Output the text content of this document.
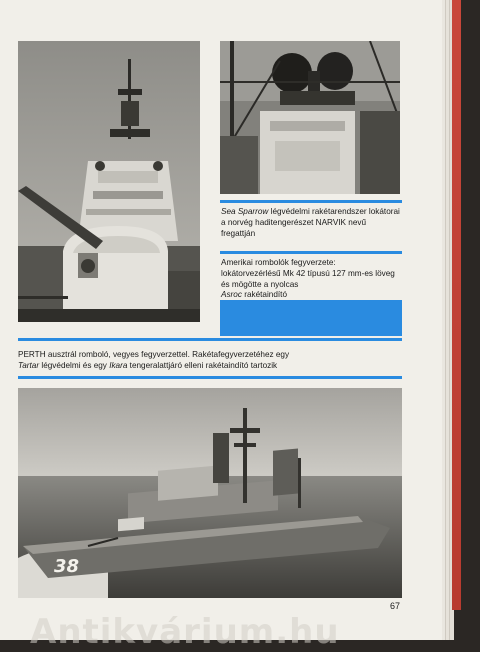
Sea Sparrow légvédelmi rakétarendszer lokátorai a norvég haditengerészet NARVIK nevű fregattján
Amerikai rombolók fegyverzete:
lokátorvezérlésű Mk 42 típusú 127 mm-es löveg és mögötte a nyolcas
Asroc rakétaindító
PERTH ausztrál romboló, vegyes fegyverzettel. Rakétafegyverzetéhez egy
Tartar légvédelmi és egy Ikara tengeralattjáró elleni rakétaindító tartozik
38
67
Antikvárium.hu
